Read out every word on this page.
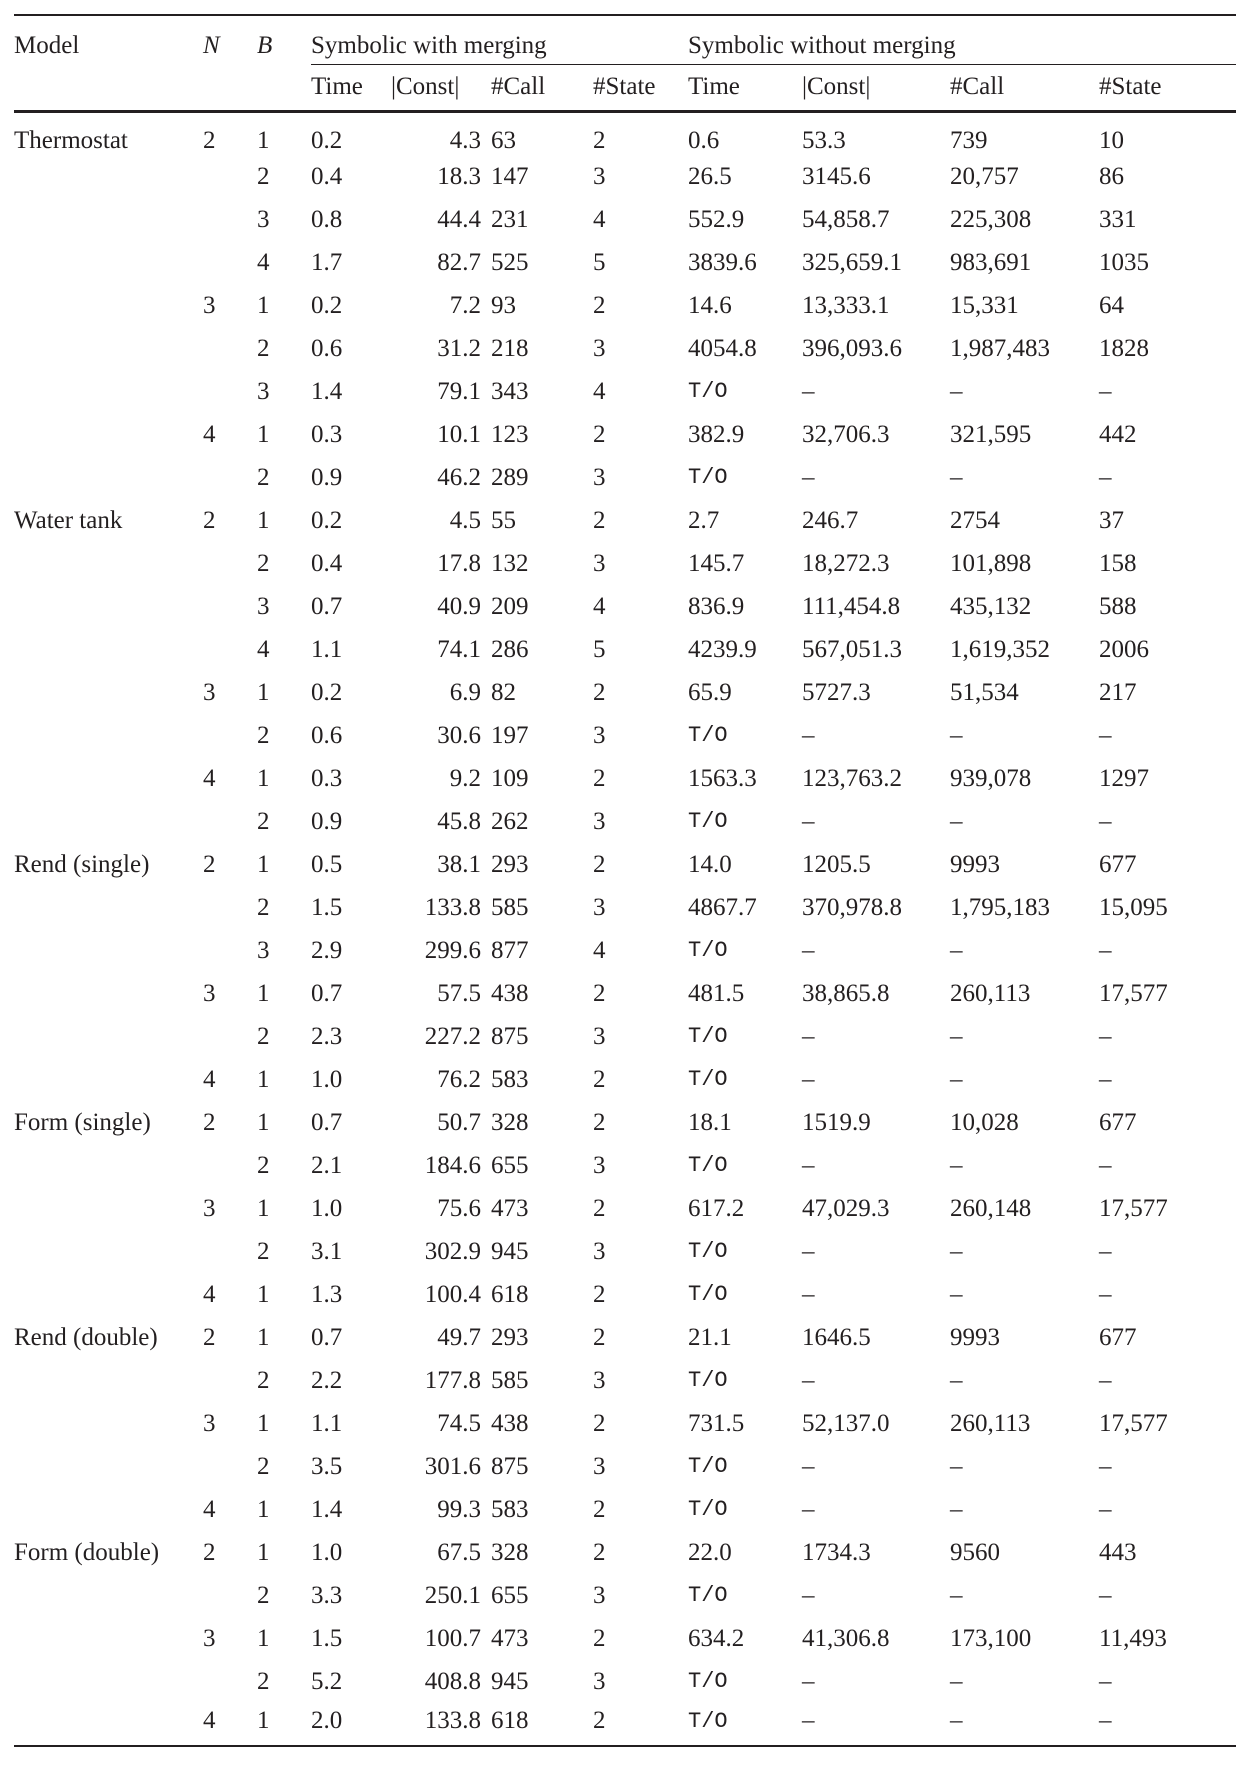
Model	N	B	Symbolic with merging				Symbolic without merging			
			Time	|Const|	#Call	#State	Time	|Const|	#Call	#State
Thermostat	2	1	0.2	4.3	63	2	0.6	53.3	739	10
		2	0.4	18.3	147	3	26.5	3145.6	20,757	86
		3	0.8	44.4	231	4	552.9	54,858.7	225,308	331
		4	1.7	82.7	525	5	3839.6	325,659.1	983,691	1035
	3	1	0.2	7.2	93	2	14.6	13,333.1	15,331	64
		2	0.6	31.2	218	3	4054.8	396,093.6	1,987,483	1828
		3	1.4	79.1	343	4	T/O	–	–	–
	4	1	0.3	10.1	123	2	382.9	32,706.3	321,595	442
		2	0.9	46.2	289	3	T/O	–	–	–
Water tank	2	1	0.2	4.5	55	2	2.7	246.7	2754	37
		2	0.4	17.8	132	3	145.7	18,272.3	101,898	158
		3	0.7	40.9	209	4	836.9	111,454.8	435,132	588
		4	1.1	74.1	286	5	4239.9	567,051.3	1,619,352	2006
	3	1	0.2	6.9	82	2	65.9	5727.3	51,534	217
		2	0.6	30.6	197	3	T/O	–	–	–
	4	1	0.3	9.2	109	2	1563.3	123,763.2	939,078	1297
		2	0.9	45.8	262	3	T/O	–	–	–
Rend (single)	2	1	0.5	38.1	293	2	14.0	1205.5	9993	677
		2	1.5	133.8	585	3	4867.7	370,978.8	1,795,183	15,095
		3	2.9	299.6	877	4	T/O	–	–	–
	3	1	0.7	57.5	438	2	481.5	38,865.8	260,113	17,577
		2	2.3	227.2	875	3	T/O	–	–	–
	4	1	1.0	76.2	583	2	T/O	–	–	–
Form (single)	2	1	0.7	50.7	328	2	18.1	1519.9	10,028	677
		2	2.1	184.6	655	3	T/O	–	–	–
	3	1	1.0	75.6	473	2	617.2	47,029.3	260,148	17,577
		2	3.1	302.9	945	3	T/O	–	–	–
	4	1	1.3	100.4	618	2	T/O	–	–	–
Rend (double)	2	1	0.7	49.7	293	2	21.1	1646.5	9993	677
		2	2.2	177.8	585	3	T/O	–	–	–
	3	1	1.1	74.5	438	2	731.5	52,137.0	260,113	17,577
		2	3.5	301.6	875	3	T/O	–	–	–
	4	1	1.4	99.3	583	2	T/O	–	–	–
Form (double)	2	1	1.0	67.5	328	2	22.0	1734.3	9560	443
		2	3.3	250.1	655	3	T/O	–	–	–
	3	1	1.5	100.7	473	2	634.2	41,306.8	173,100	11,493
		2	5.2	408.8	945	3	T/O	–	–	–
	4	1	2.0	133.8	618	2	T/O	–	–	–
